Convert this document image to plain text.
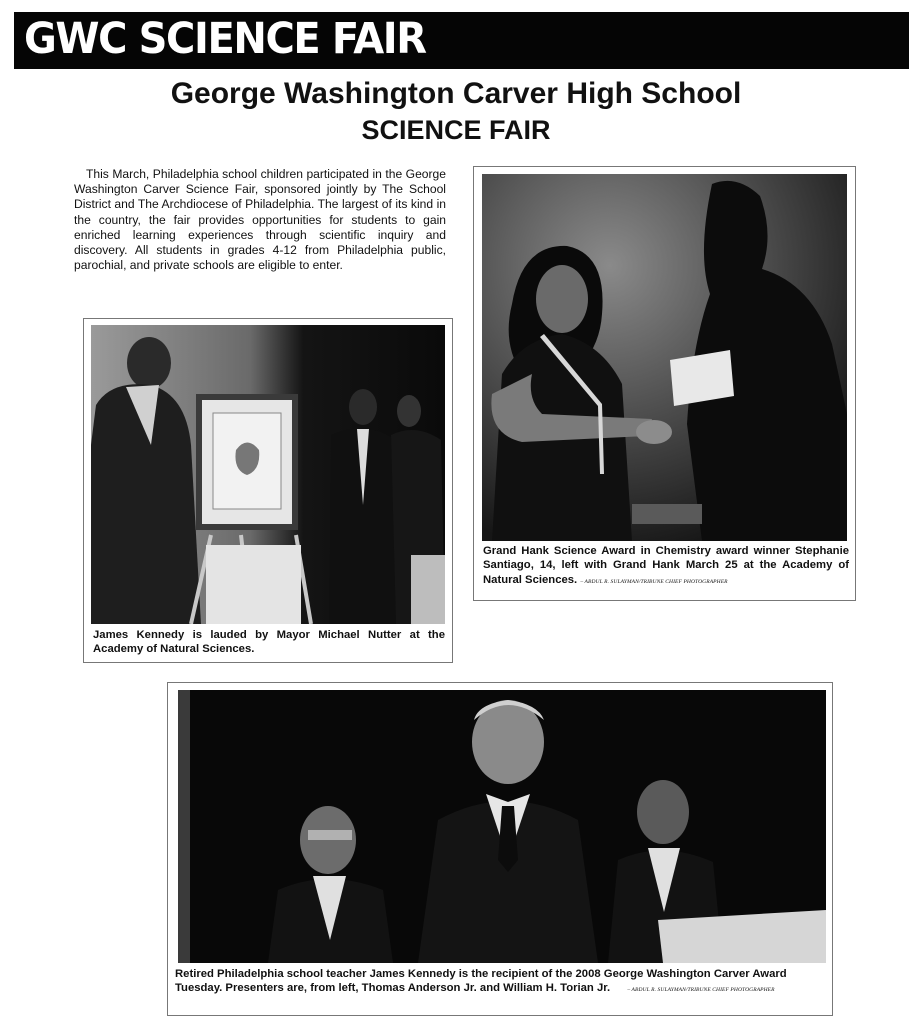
GWC SCIENCE FAIR
George Washington Carver High School
SCIENCE FAIR
This March, Philadelphia school children participated in the George Washington Carver Science Fair, sponsored jointly by The School District and The Archdiocese of Philadelphia. The largest of its kind in the country, the fair provides opportunities for students to gain enriched learning experiences through scientific inquiry and discovery. All students in grades 4-12 from Philadelphia public, parochial, and private schools are eligible to enter.
Grand Hank Science Award in Chemistry award winner Stephanie Santiago, 14, left with Grand Hank March 25 at the Academy of Natural Sciences. – ABDUL R. SULAYMAN/TRIBUNE CHIEF PHOTOGRAPHER
James Kennedy is lauded by Mayor Michael Nutter at the Academy of Natural Sciences.
Retired Philadelphia school teacher James Kennedy is the recipient of the 2008 George Washington Carver Award Tuesday. Presenters are, from left, Thomas Anderson Jr. and William H. Torian Jr.	– ABDUL R. SULAYMAN/TRIBUNE CHIEF PHOTOGRAPHER
